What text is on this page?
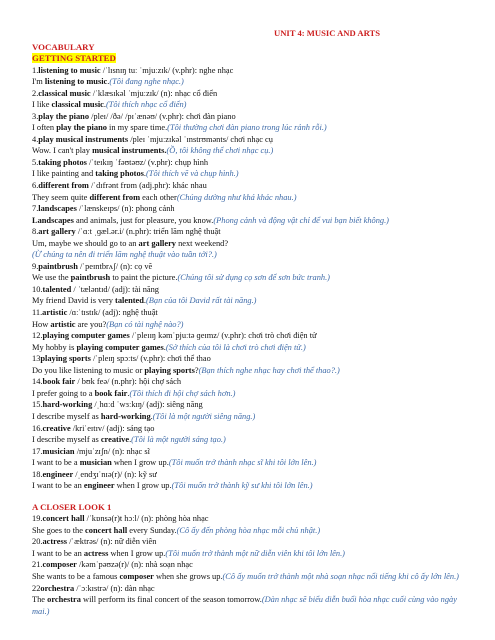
UNIT 4: MUSIC AND ARTS
VOCABULARY
GETTING STARTED
1.listening to music /ˈlɪsnɪŋ tuː ˈmjuːzɪk/ (v.phr): nghe nhạc
I'm listening to music.(Tôi đang nghe nhạc.)
2.classical music /ˈklæsɪkəl ˈmjuːzɪk/ (n): nhạc cổ điển
I like classical music.(Tôi thích nhạc cổ điển)
3.play the piano /pleɪ/ /ðə/ /pɪˈænəʊ/ (v.phr): chơi đàn piano
I often play the piano in my spare time.(Tôi thường chơi đàn piano trong lúc rảnh rỗi.)
4.play musical instruments /pleɪ ˈmjuːzɪkəl ˈɪnstrʊmənts/ chơi nhạc cụ
Wow. I can't play musical instruments.(Ồ, tôi không thể chơi nhạc cụ.)
5.taking photos /ˈteɪkɪŋ ˈfəʊtəʊz/ (v.phr): chụp hình
I like painting and taking photos.(Tôi thích vẽ và chụp hình.)
6.different from /ˈdɪfrənt frɒm (adj.phr): khác nhau
They seem quite different from each other(Chúng dường như khá khác nhau.)
7.landscapes /ˈlænskeɪps/ (n): phong cảnh
Landscapes and animals, just for pleasure, you know.(Phong cảnh và động vật chỉ để vui bạn biết không.)
8.art gallery /ˈɑːt ˌɡæl.ər.i/ (n.phr): triển lãm nghệ thuật
Um, maybe we should go to an art gallery next weekend?
(Ừ chúng ta nên đi triển lãm nghệ thuật vào tuần tới?.)
9.paintbrush /ˈpeɪntbrʌʃ/ (n): cọ vẽ
We use the paintbrush to paint the picture.(Chúng tôi sử dụng cọ sơn để sơn bức tranh.)
10.talented / ˈtæləntɪd/ (adj): tài năng
My friend David is very talented.(Bạn của tôi David rất tài năng.)
11.artistic /ɑːˈtɪstɪk/ (adj): nghệ thuật
How artistic are you?(Bạn có tài nghệ nào?)
12.playing computer games /ˈpleɪɪŋ kəmˈpjuːtə ɡeɪmz/ (v.phr): chơi trò chơi điện tử
My hobby is playing computer games.(Sở thích của tôi là chơi trò chơi điện tử.)
13playing sports /ˈpleɪŋ spɔːts/ (v.phr): chơi thể thao
Do you like listening to music or playing sports?(Bạn thích nghe nhạc hay chơi thể thao?.)
14.book fair / bʊk feə/ (n.phr): hội chợ sách
I prefer going to a book fair.(Tôi thích đi hội chợ sách hơn.)
15.hard-working /ˌhɑːd ˈwɜːkɪŋ/ (adj): siêng năng
I describe myself as hard-working.(Tôi là một người siêng năng.)
16.creative /kriˈeɪtɪv/ (adj): sáng tạo
I describe myself as creative.(Tôi là một người sáng tạo.)
17.musician /mjuˈzɪʃn/ (n): nhạc sĩ
I want to be a musician when I grow up.(Tôi muốn trở thành nhạc sĩ khi tôi lớn lên.)
18.engineer /ˌendʒɪˈnɪə(r)/ (n): kỹ sư
I want to be an engineer when I grow up.(Tôi muốn trở thành kỹ sư khi tôi lớn lên.)
A CLOSER LOOK 1
19.concert hall /ˈkɒnsə(r)t hɔːl/ (n): phòng hòa nhạc
She goes to the concert hall every Sunday.(Cô ấy đến phòng hòa nhạc mỗi chủ nhật.)
20.actress /ˈæktrəs/ (n): nữ diễn viên
I want to be an actress when I grow up.(Tôi muốn trở thành một nữ diễn viên khi tôi lớn lên.)
21.composer /kəmˈpəʊzə(r)/ (n): nhà soạn nhạc
She wants to be a famous composer when she grows up.(Cô ấy muốn trở thành một nhà soạn nhạc nổi tiếng khi cô ấy lớn lên.)
22orchestra /ˈɔːkɪstrə/ (n): dàn nhạc
The orchestra will perform its final concert of the season tomorrow.(Dàn nhạc sẽ biểu diễn buổi hòa nhạc cuối cùng vào ngày mai.)
